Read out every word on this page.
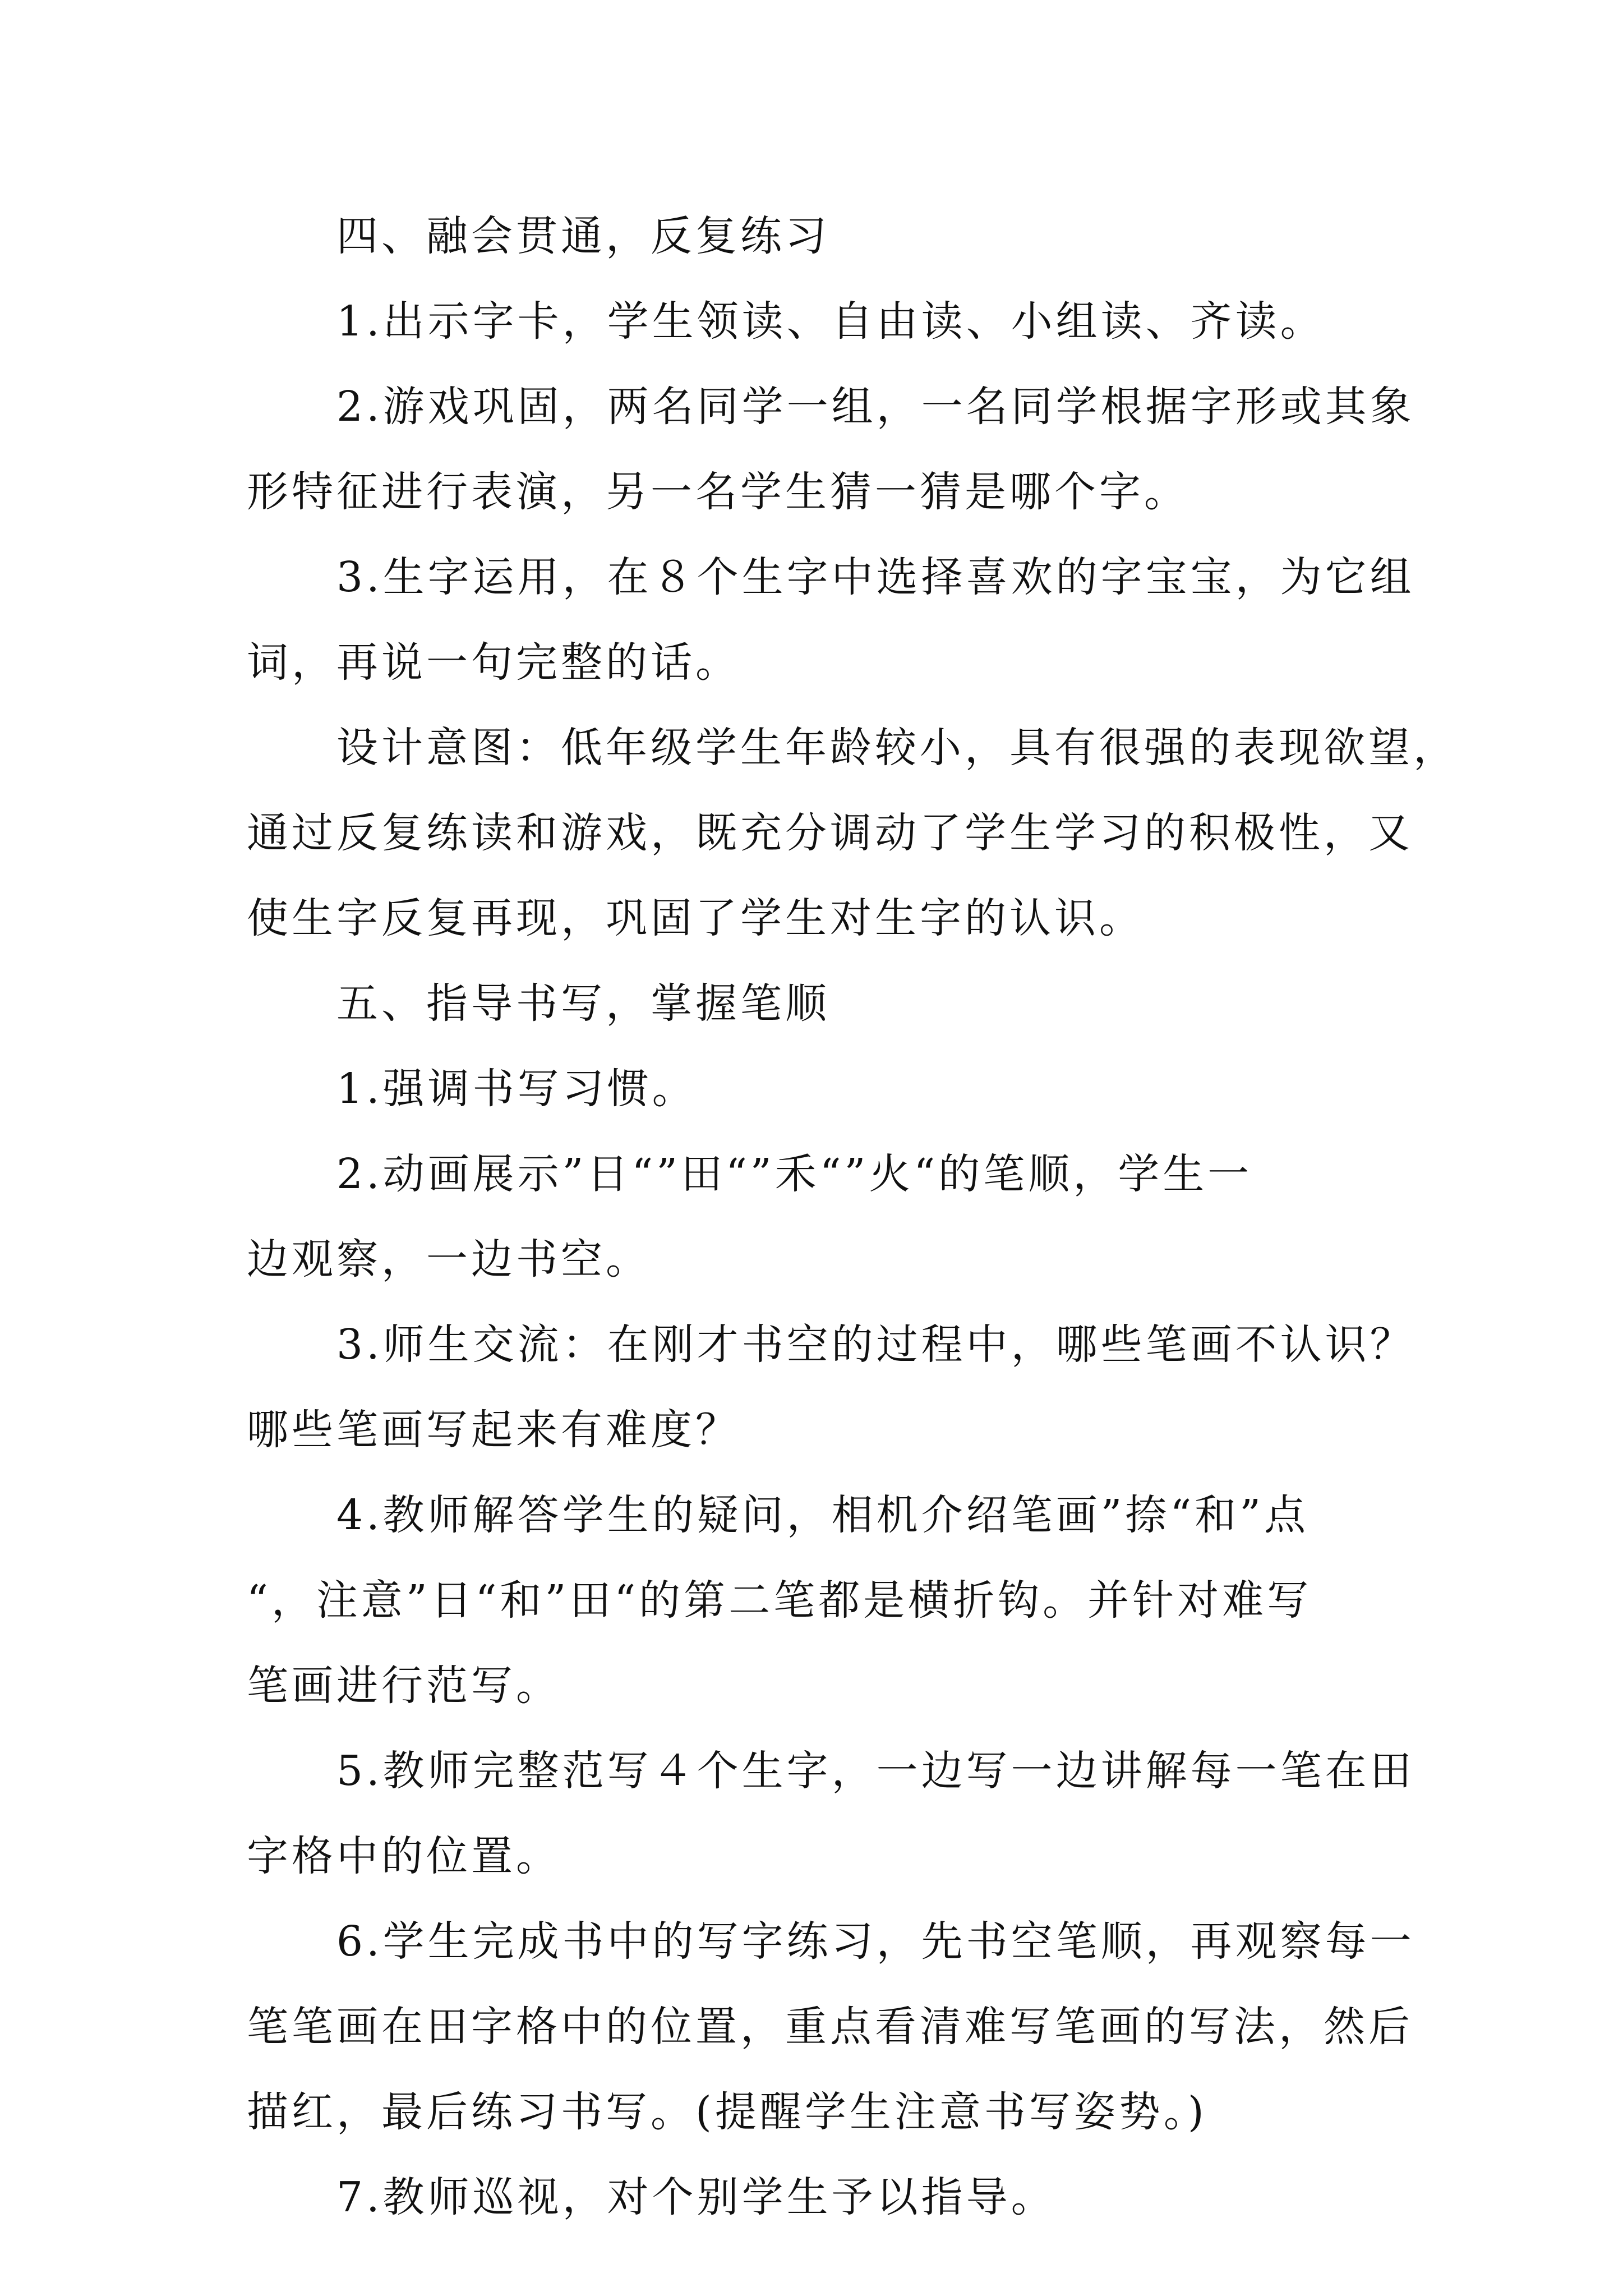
四、融会贯通，反复练习
1.出示字卡，学生领读、自由读、小组读、齐读。
2.游戏巩固，两名同学一组，一名同学根据字形或其象
形特征进行表演，另一名学生猜一猜是哪个字。
3.生字运用，在８个生字中选择喜欢的字宝宝，为它组
词，再说一句完整的话。
设计意图：低年级学生年龄较小，具有很强的表现欲望，
通过反复练读和游戏，既充分调动了学生学习的积极性，又
使生字反复再现，巩固了学生对生字的认识。
五、指导书写，掌握笔顺
1.强调书写习惯。
2.动画展示”日“”田“”禾“”火“的笔顺，学生一
边观察，一边书空。
3.师生交流：在刚才书空的过程中，哪些笔画不认识？
哪些笔画写起来有难度？
4.教师解答学生的疑问，相机介绍笔画”捺“和”点
“，注意”日“和”田“的第二笔都是横折钩。并针对难写
笔画进行范写。
5.教师完整范写４个生字，一边写一边讲解每一笔在田
字格中的位置。
6.学生完成书中的写字练习，先书空笔顺，再观察每一
笔笔画在田字格中的位置，重点看清难写笔画的写法，然后
描红，最后练习书写。(提醒学生注意书写姿势。)
7.教师巡视，对个别学生予以指导。
